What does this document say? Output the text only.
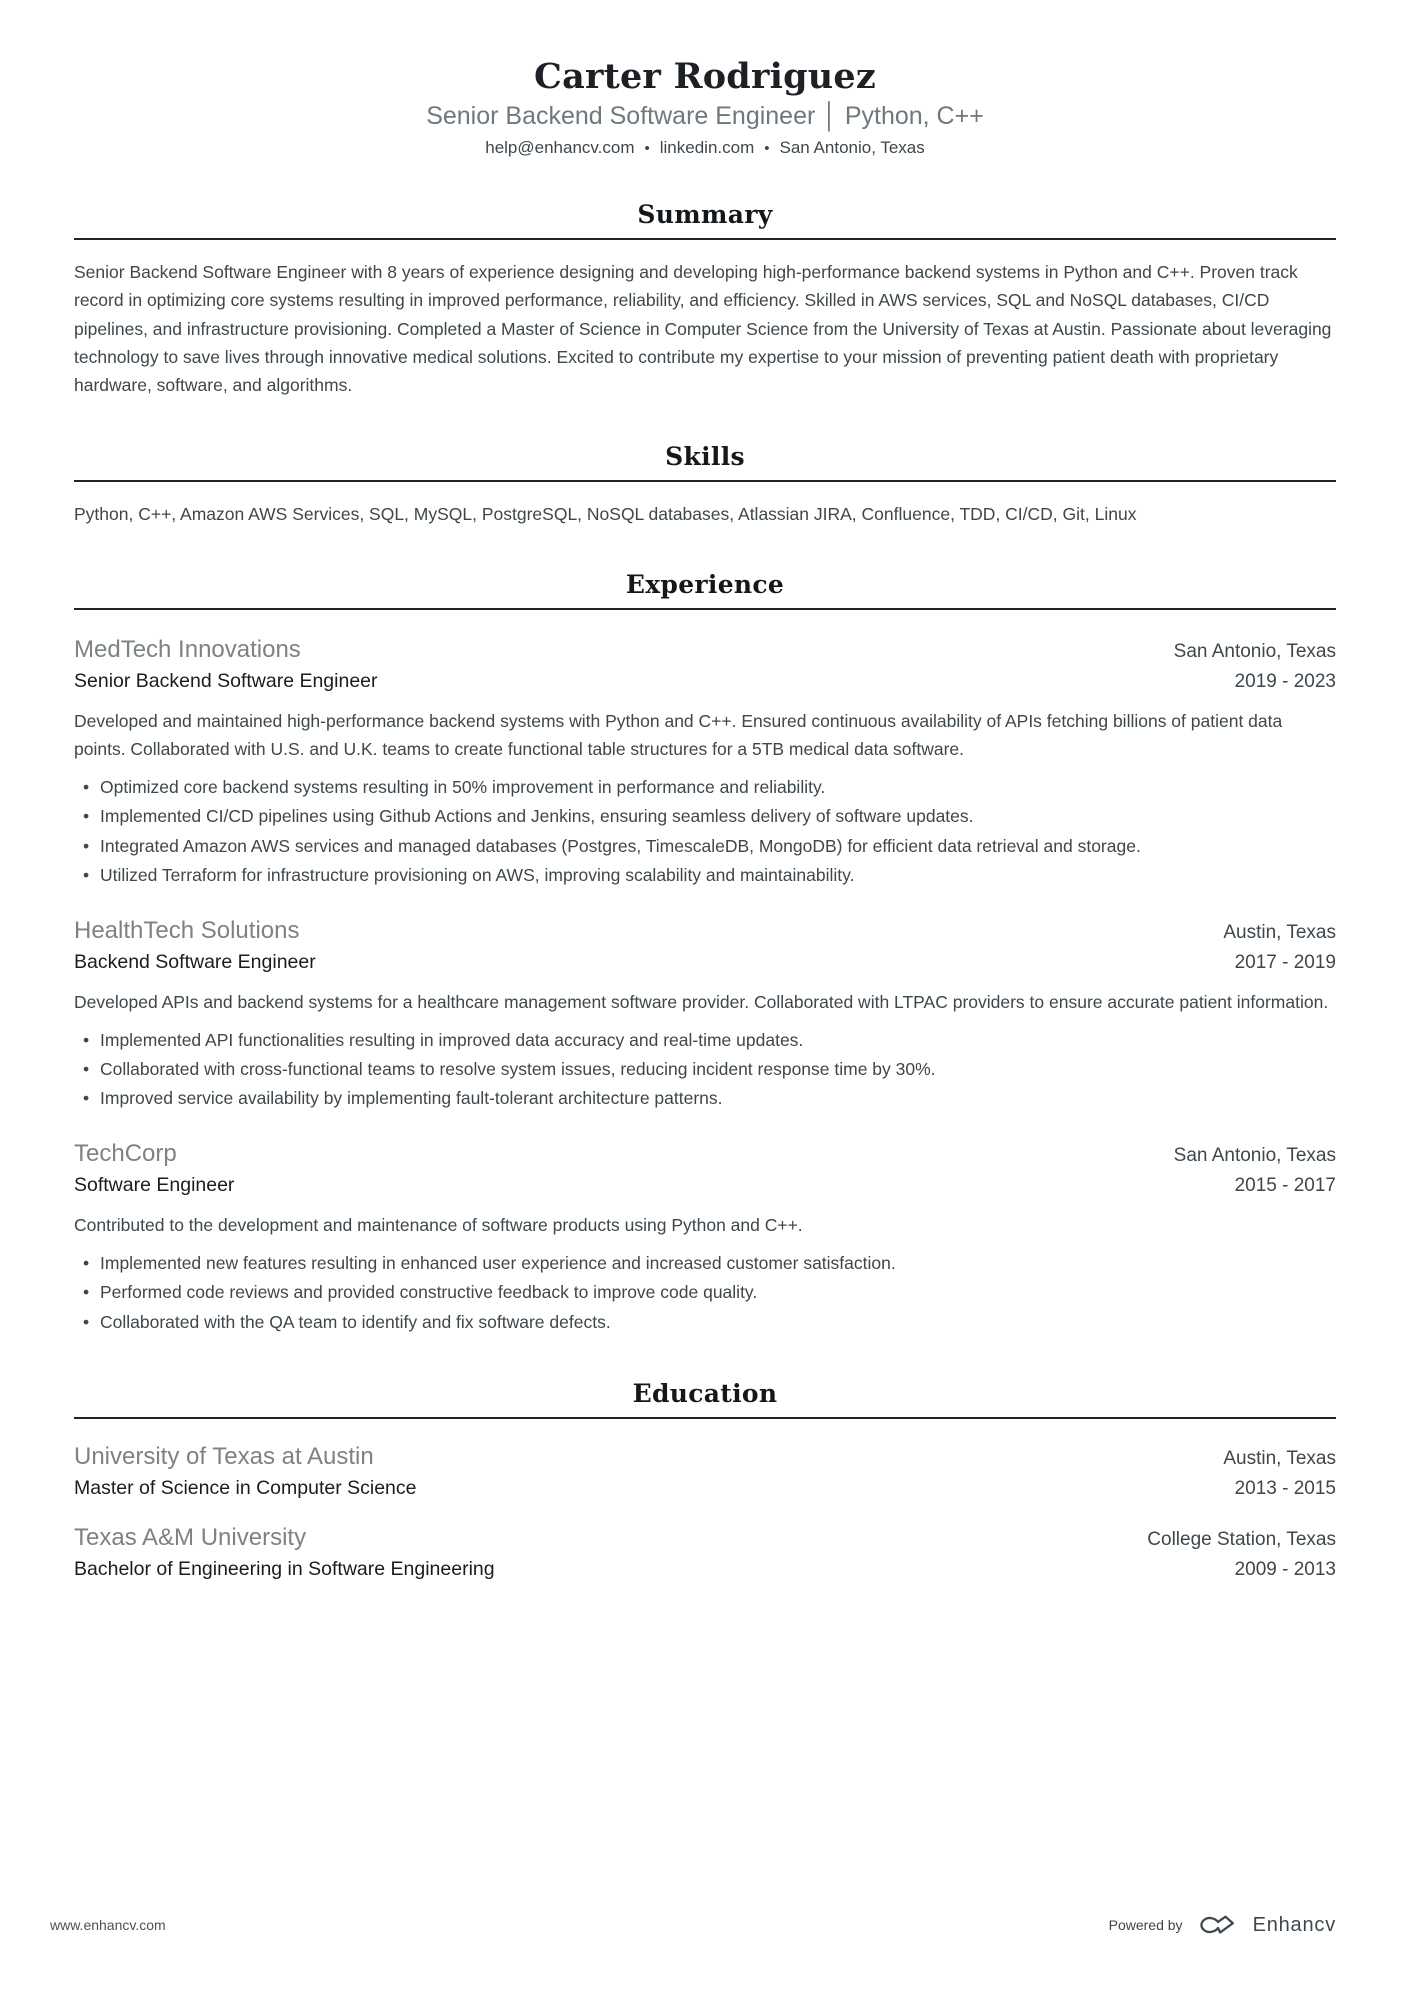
Carter Rodriguez
Senior Backend Software Engineer │ Python, C++
help@enhancv.com • linkedin.com • San Antonio, Texas
Summary

Senior Backend Software Engineer with 8 years of experience designing and developing high-performance backend systems in Python and C++. Proven track record in optimizing core systems resulting in improved performance, reliability, and efficiency. Skilled in AWS services, SQL and NoSQL databases, CI/CD pipelines, and infrastructure provisioning. Completed a Master of Science in Computer Science from the University of Texas at Austin. Passionate about leveraging technology to save lives through innovative medical solutions. Excited to contribute my expertise to your mission of preventing patient death with proprietary hardware, software, and algorithms.

Skills

Python, C++, Amazon AWS Services, SQL, MySQL, PostgreSQL, NoSQL databases, Atlassian JIRA, Confluence, TDD, CI/CD, Git, Linux

Experience
MedTech Innovations	San Antonio, Texas
Senior Backend Software Engineer	2019 - 2023

Developed and maintained high-performance backend systems with Python and C++. Ensured continuous availability of APIs fetching billions of patient data points. Collaborated with U.S. and U.K. teams to create functional table structures for a 5TB medical data software.

• Optimized core backend systems resulting in 50% improvement in performance and reliability.
• Implemented CI/CD pipelines using Github Actions and Jenkins, ensuring seamless delivery of software updates.
• Integrated Amazon AWS services and managed databases (Postgres, TimescaleDB, MongoDB) for efficient data retrieval and storage.
• Utilized Terraform for infrastructure provisioning on AWS, improving scalability and maintainability.
HealthTech Solutions	Austin, Texas
Backend Software Engineer	2017 - 2019

Developed APIs and backend systems for a healthcare management software provider. Collaborated with LTPAC providers to ensure accurate patient information.

• Implemented API functionalities resulting in improved data accuracy and real-time updates.
• Collaborated with cross-functional teams to resolve system issues, reducing incident response time by 30%.
• Improved service availability by implementing fault-tolerant architecture patterns.
TechCorp	San Antonio, Texas
Software Engineer	2015 - 2017

Contributed to the development and maintenance of software products using Python and C++.

• Implemented new features resulting in enhanced user experience and increased customer satisfaction.
• Performed code reviews and provided constructive feedback to improve code quality.
• Collaborated with the QA team to identify and fix software defects.
Education
University of Texas at Austin	Austin, Texas
Master of Science in Computer Science	2013 - 2015
Texas A&M University	College Station, Texas
Bachelor of Engineering in Software Engineering	2009 - 2013
www.enhancv.com	Powered by	Enhancv
